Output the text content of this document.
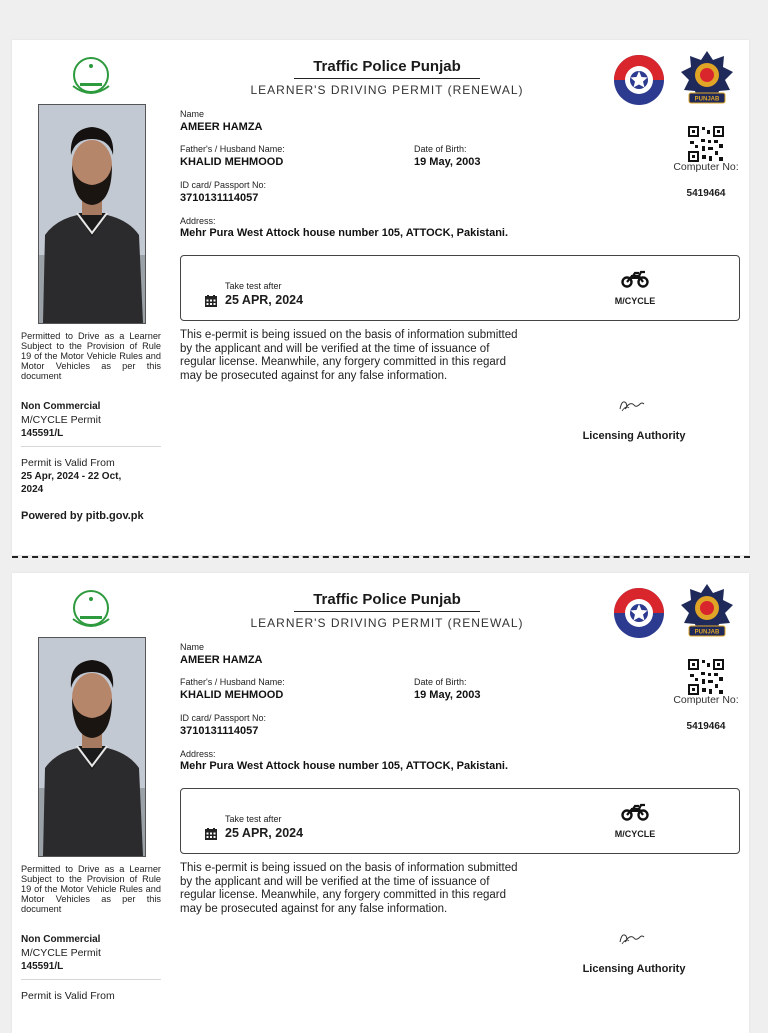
Traffic Police Punjab
LEARNER'S DRIVING PERMIT (RENEWAL)
PUNJAB
Name
AMEER HAMZA
Father's / Husband Name:
KHALID MEHMOOD
Date of Birth:
19 May, 2003
ID card/ Passport No:
3710131114057
Address:
Mehr Pura West Attock house number 105, ATTOCK, Pakistani.
Computer No:
5419464
Take test after
25 APR, 2024	M/CYCLE
This e-permit is being issued on the basis of information submitted by the applicant and will be verified at the time of issuance of regular license. Meanwhile, any forgery committed in this regard may be prosecuted against for any false information.
Licensing Authority
Permitted to Drive as a Learner Subject to the Provision of Rule 19 of the Motor Vehicle Rules and Motor Vehicles as per this document
Non Commercial
M/CYCLE Permit
145591/L
Permit is Valid From
25 Apr, 2024 - 22 Oct, 2024
Powered by pitb.gov.pk
Traffic Police Punjab
LEARNER'S DRIVING PERMIT (RENEWAL)
PUNJAB
Name
AMEER HAMZA
Father's / Husband Name:
KHALID MEHMOOD
Date of Birth:
19 May, 2003
ID card/ Passport No:
3710131114057
Address:
Mehr Pura West Attock house number 105, ATTOCK, Pakistani.
Computer No:
5419464
Take test after
25 APR, 2024	M/CYCLE
This e-permit is being issued on the basis of information submitted by the applicant and will be verified at the time of issuance of regular license. Meanwhile, any forgery committed in this regard may be prosecuted against for any false information.
Licensing Authority
Permitted to Drive as a Learner Subject to the Provision of Rule 19 of the Motor Vehicle Rules and Motor Vehicles as per this document
Non Commercial
M/CYCLE Permit
145591/L
Permit is Valid From
